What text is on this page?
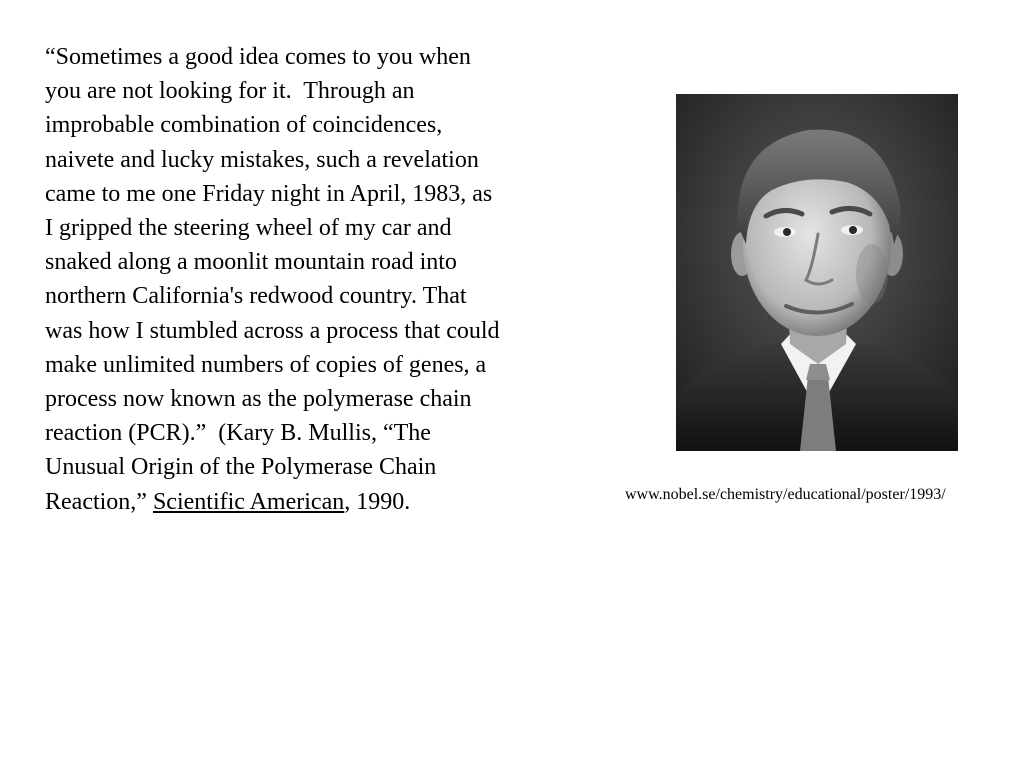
“Sometimes a good idea comes to you when
you are not looking for it.  Through an
improbable combination of coincidences,
naivete and lucky mistakes, such a revelation
came to me one Friday night in April, 1983, as
I gripped the steering wheel of my car and
snaked along a moonlit mountain road into
northern California's redwood country. That
was how I stumbled across a process that could
make unlimited numbers of copies of genes, a
process now known as the polymerase chain
reaction (PCR).”  (Kary B. Mullis, “The
Unusual Origin of the Polymerase Chain
Reaction,” Scientific American, 1990.	www.nobel.se/chemistry/educational/poster/1993/
